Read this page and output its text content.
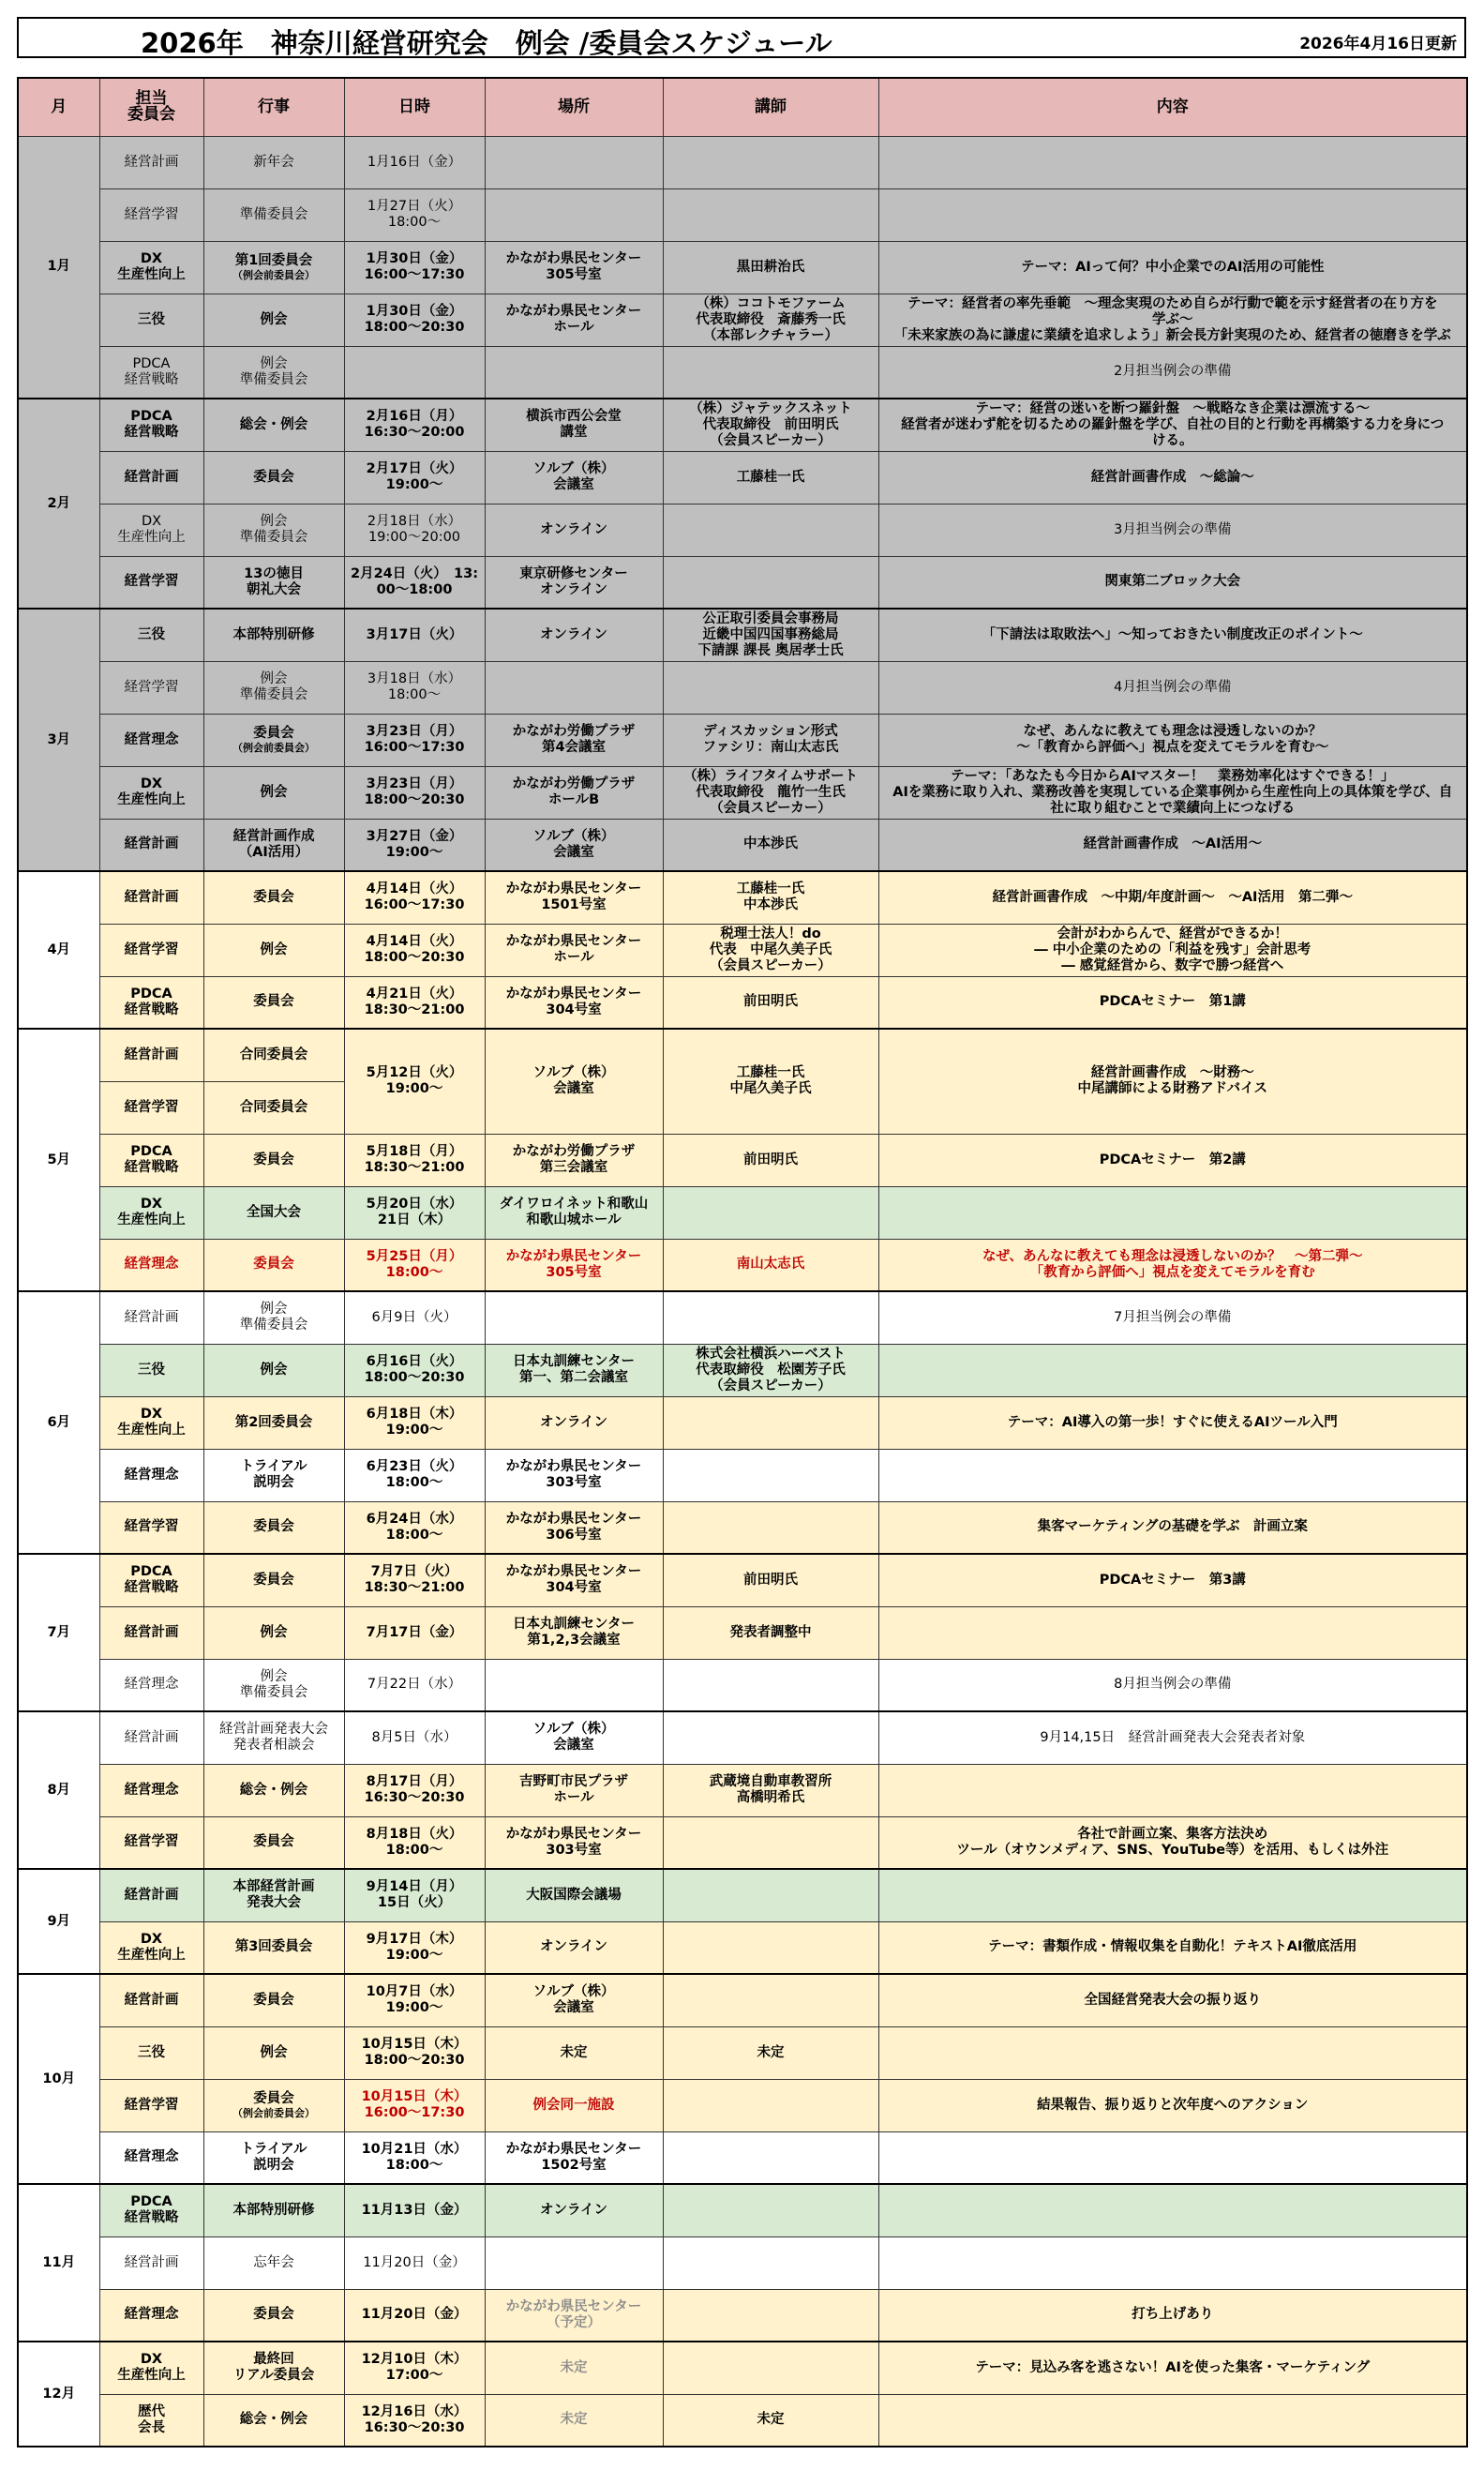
2026年　神奈川経営研究会　例会 /委員会スケジュール	2026年4月16日更新
月	担当
委員会	行事	日時	場所	講師	内容

1月	経営計画	新年会	1月16日（金）			

	経営学習	準備委員会	1月27日（火）
18:00～			

	DX
生産性向上	第1回委員会
（例会前委員会）	1月30日（金）
16:00～17:30	かながわ県民センター
305号室	黒田耕治氏	テーマ：AIって何？中小企業でのAI活用の可能性

	三役	例会	1月30日（金）
18:00～20:30	かながわ県民センター
ホール	（株）ココトモファーム
代表取締役　斎藤秀一氏
（本部レクチャラー）	テーマ：経営者の率先垂範　～理念実現のため自らが行動で範を示す経営者の在り方を
学ぶ～
「未来家族の為に謙虚に業績を追求しよう」新会長方針実現のため、経営者の徳磨きを学ぶ

	PDCA
経営戦略	例会
準備委員会				2月担当例会の準備

2月	PDCA
経営戦略	総会・例会	2月16日（月）
16:30～20:00	横浜市西公会堂
講堂	（株）ジャテックスネット
代表取締役　前田明氏
（会員スピーカー）	テーマ：経営の迷いを断つ羅針盤　～戦略なき企業は漂流する～
経営者が迷わず舵を切るための羅針盤を学び、自社の目的と行動を再構築する力を身につ
ける。

	経営計画	委員会	2月17日（火）
19:00～	ソルブ（株）
会議室	工藤桂一氏	経営計画書作成　～総論～

	DX
生産性向上	例会
準備委員会	2月18日（水）
19:00～20:00	オンライン		3月担当例会の準備

	経営学習	13の徳目
朝礼大会	2月24日（火）　13:
00～18:00	東京研修センター
オンライン		関東第二ブロック大会

3月	三役	本部特別研修	3月17日（火）	オンライン	公正取引委員会事務局
近畿中国四国事務総局
下請課 課長 奥居孝士氏	「下請法は取敗法へ」～知っておきたい制度改正のポイント～

	経営学習	例会
準備委員会	3月18日（水）
18:00～			4月担当例会の準備

	経営理念	委員会
（例会前委員会）	3月23日（月）
16:00～17:30	かながわ労働プラザ
第4会議室	ディスカッション形式
ファシリ：南山太志氏	なぜ、あんなに教えても理念は浸透しないのか？
～「教育から評価へ」視点を変えてモラルを育む～

	DX
生産性向上	例会	3月23日（月）
18:00～20:30	かながわ労働プラザ
ホールB	（株）ライフタイムサポート
代表取締役　龍竹一生氏
（会員スピーカー）	テーマ：「あなたも今日からAIマスター！　業務効率化はすぐできる！」
AIを業務に取り入れ、業務改善を実現している企業事例から生産性向上の具体策を学び、自
社に取り組むことで業績向上につなげる

	経営計画	経営計画作成
（AI活用）	3月27日（金）
19:00～	ソルブ（株）
会議室	中本渉氏	経営計画書作成　～AI活用～

4月	経営計画	委員会	4月14日（火）
16:00～17:30	かながわ県民センター
1501号室	工藤桂一氏
中本渉氏	経営計画書作成　～中期/年度計画～　～AI活用　第二弾～

	経営学習	例会	4月14日（火）
18:00～20:30	かながわ県民センター
ホール	税理士法人！do
代表　中尾久美子氏
（会員スピーカー）	会計がわからんで、経営ができるか！
― 中小企業のための「利益を残す」会計思考
― 感覚経営から、数字で勝つ経営へ

	PDCA
経営戦略	委員会	4月21日（火）
18:30～21:00	かながわ県民センター
304号室	前田明氏	PDCAセミナー　第1講

5月	経営計画	合同委員会	5月12日（火）
19:00～	ソルブ（株）
会議室	工藤桂一氏
中尾久美子氏	経営計画書作成　～財務～
中尾講師による財務アドバイス

	経営学習	合同委員会				

	PDCA
経営戦略	委員会	5月18日（月）
18:30～21:00	かながわ労働プラザ
第三会議室	前田明氏	PDCAセミナー　第2講

	DX
生産性向上	全国大会	5月20日（水）
21日（木）	ダイワロイネット和歌山
和歌山城ホール		

	経営理念	委員会	5月25日（月）
18:00～	かながわ県民センター
305号室	南山太志氏	なぜ、あんなに教えても理念は浸透しないのか？　～第二弾～
「教育から評価へ」視点を変えてモラルを育む

6月	経営計画	例会
準備委員会	6月9日（火）			7月担当例会の準備

	三役	例会	6月16日（火）
18:00～20:30	日本丸訓練センター
第一、第二会議室	株式会社横浜ハーベスト
代表取締役　松園芳子氏
（会員スピーカー）	

	DX
生産性向上	第2回委員会	6月18日（木）
19:00～	オンライン		テーマ：AI導入の第一歩！すぐに使えるAIツール入門

	経営理念	トライアル
説明会	6月23日（火）
18:00～	かながわ県民センター
303号室		

	経営学習	委員会	6月24日（水）
18:00～	かながわ県民センター
306号室		集客マーケティングの基礎を学ぶ　計画立案

7月	PDCA
経営戦略	委員会	7月7日（火）
18:30～21:00	かながわ県民センター
304号室	前田明氏	PDCAセミナー　第3講

	経営計画	例会	7月17日（金）	日本丸訓練センター
第1,2,3会議室	発表者調整中	

	経営理念	例会
準備委員会	7月22日（水）			8月担当例会の準備

8月	経営計画	経営計画発表大会
発表者相談会	8月5日（水）	ソルブ（株）
会議室		9月14,15日　経営計画発表大会発表者対象

	経営理念	総会・例会	8月17日（月）
16:30～20:30	吉野町市民プラザ
ホール	武蔵境自動車教習所
高橋明希氏	

	経営学習	委員会	8月18日（火）
18:00～	かながわ県民センター
303号室		各社で計画立案、集客方法決め
ツール（オウンメディア、SNS、YouTube等）を活用、もしくは外注

9月	経営計画	本部経営計画
発表大会	9月14日（月）
15日（火）	大阪国際会議場		

	DX
生産性向上	第3回委員会	9月17日（木）
19:00～	オンライン		テーマ：書類作成・情報収集を自動化！テキストAI徹底活用

10月	経営計画	委員会	10月7日（水）
19:00～	ソルブ（株）
会議室		全国経営発表大会の振り返り

	三役	例会	10月15日（木）
18:00～20:30	未定	未定	

	経営学習	委員会
（例会前委員会）	10月15日（木）
16:00～17:30	例会同一施設		結果報告、振り返りと次年度へのアクション

	経営理念	トライアル
説明会	10月21日（水）
18:00～	かながわ県民センター
1502号室		

11月	PDCA
経営戦略	本部特別研修	11月13日（金）	オンライン		

	経営計画	忘年会	11月20日（金）			

	経営理念	委員会	11月20日（金）	かながわ県民センター
（予定）		打ち上げあり

12月	DX
生産性向上	最終回
リアル委員会	12月10日（木）
17:00～	未定		テーマ：見込み客を逃さない！AIを使った集客・マーケティング

	歴代
会長	総会・例会	12月16日（水）
16:30～20:30	未定	未定	
